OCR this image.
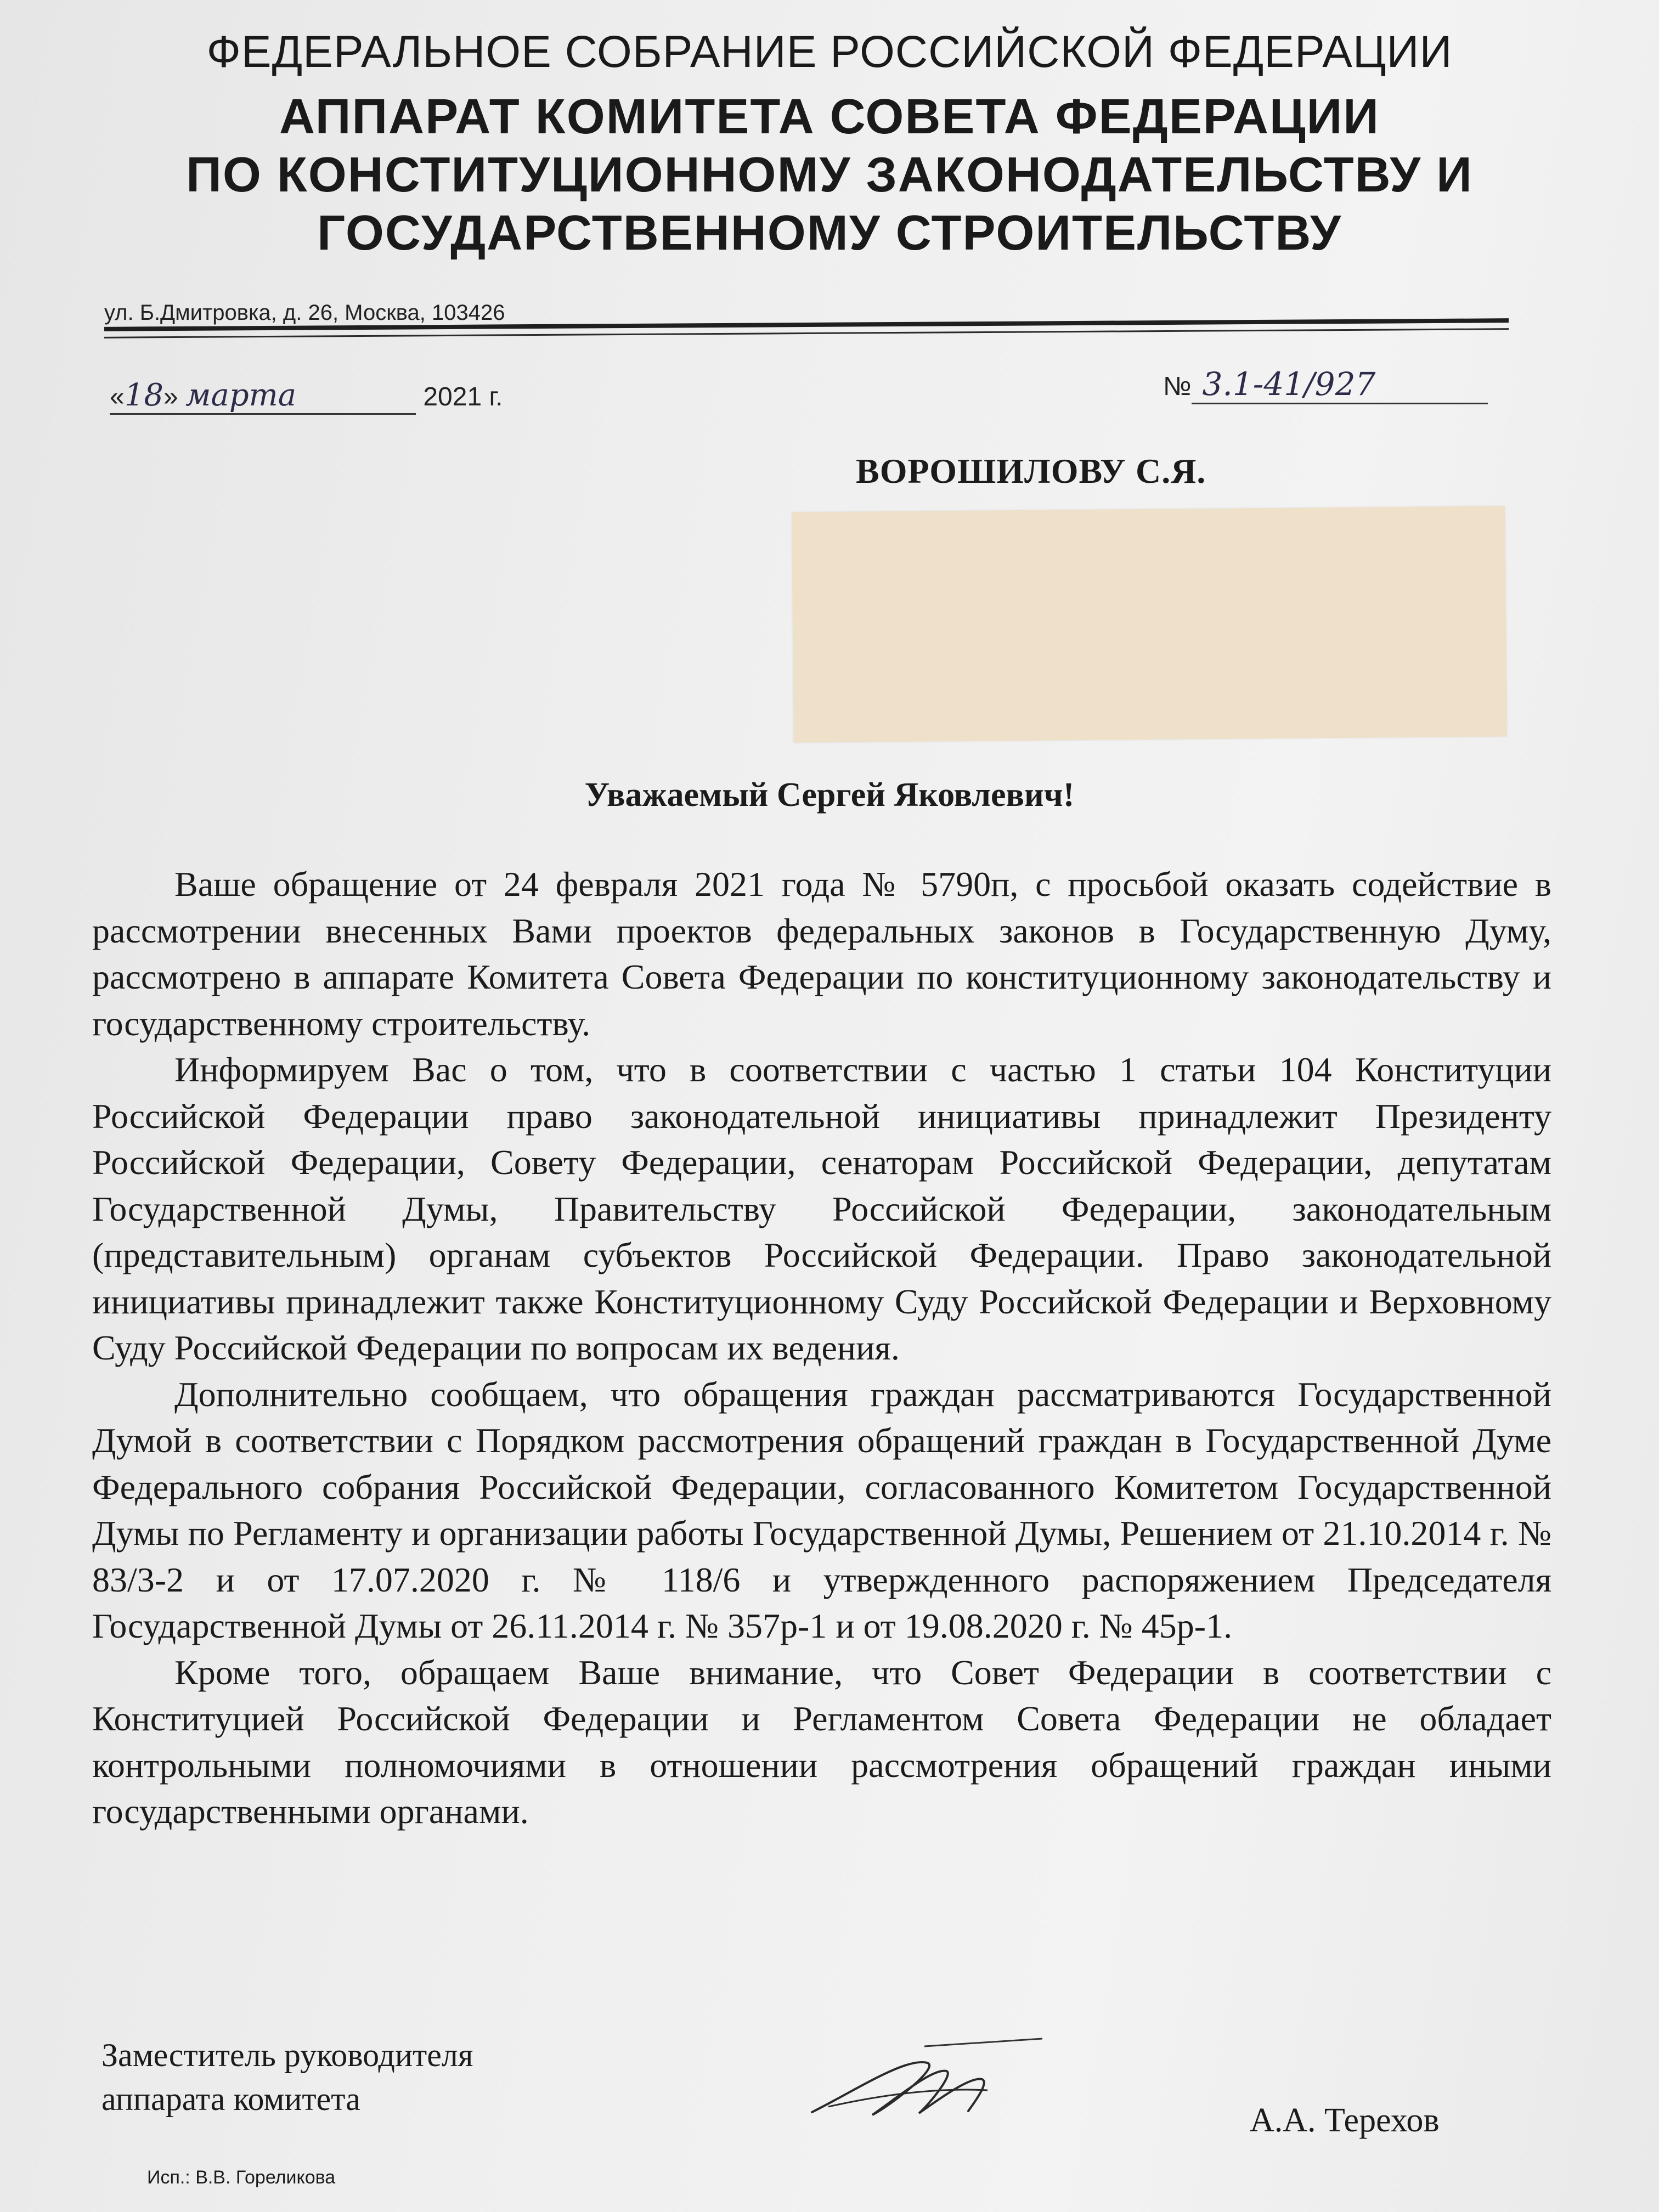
ФЕДЕРАЛЬНОЕ СОБРАНИЕ РОССИЙСКОЙ ФЕДЕРАЦИИ
АППАРАТ КОМИТЕТА СОВЕТА ФЕДЕРАЦИИ
ПО КОНСТИТУЦИОННОМУ ЗАКОНОДАТЕЛЬСТВУ И
ГОСУДАРСТВЕННОМУ СТРОИТЕЛЬСТВУ
ул. Б.Дмитровка, д. 26, Москва, 103426
«18» марта	2021 г.	№ 3.1-41/927
ВОРОШИЛОВУ С.Я.
Уважаемый Сергей Яковлевич!

Ваше обращение от 24 февраля 2021 года № 5790п, с просьбой оказать содействие в рассмотрении внесенных Вами проектов федеральных законов в Государственную Думу, рассмотрено в аппарате Комитета Совета Федерации по конституционному законодательству и государственному строительству.

Информируем Вас о том, что в соответствии с частью 1 статьи 104 Конституции Российской Федерации право законодательной инициативы принадлежит Президенту Российской Федерации, Совету Федерации, сенаторам Российской Федерации, депутатам Государственной Думы, Правительству Российской Федерации, законодательным (представительным) органам субъектов Российской Федерации. Право законодательной инициативы принадлежит также Конституционному Суду Российской Федерации и Верховному Суду Российской Федерации по вопросам их ведения.

Дополнительно сообщаем, что обращения граждан рассматриваются Государственной Думой в соответствии с Порядком рассмотрения обращений граждан в Государственной Думе Федерального собрания Российской Федерации, согласованного Комитетом Государственной Думы по Регламенту и организации работы Государственной Думы, Решением от 21.10.2014 г. № 83/3-2 и от 17.07.2020 г. № 118/6 и утвержденного распоряжением Председателя Государственной Думы от 26.11.2014 г. № 357р-1 и от 19.08.2020 г. № 45р-1.

Кроме того, обращаем Ваше внимание, что Совет Федерации в соответствии с Конституцией Российской Федерации и Регламентом Совета Федерации не обладает контрольными полномочиями в отношении рассмотрения обращений граждан иными государственными органами.

Заместитель руководителя
аппарата комитета
А.А. Терехов
Исп.: В.В. Гореликова
